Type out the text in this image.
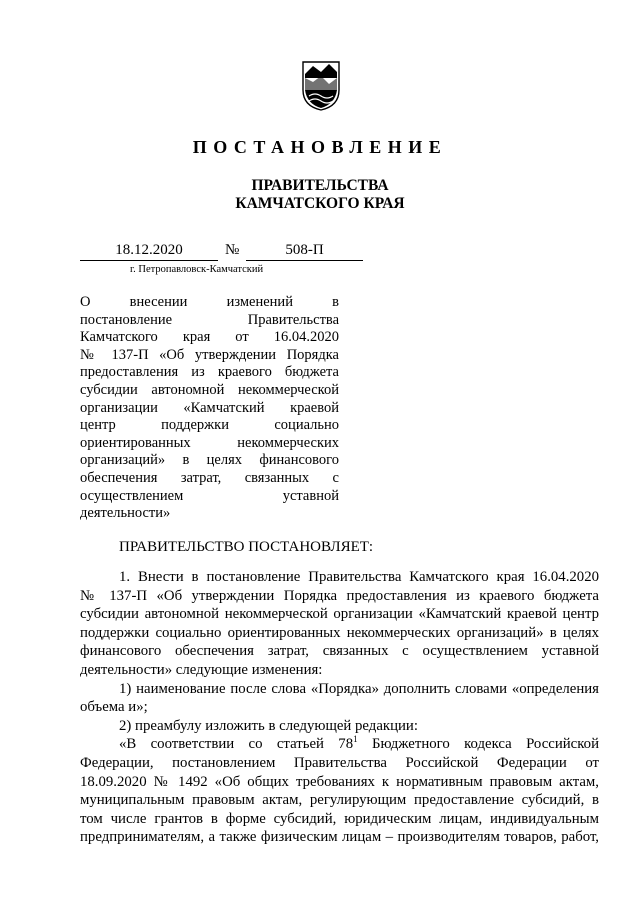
ПОСТАНОВЛЕНИЕ
ПРАВИТЕЛЬСТВА
КАМЧАТСКОГО КРАЯ
18.12.2020	№	508-П
г. Петропавловск-Камчатский
О внесении изменений в
постановление Правительства
Камчатского края от 16.04.2020
№ 137-П «Об утверждении Порядка
предоставления из краевого бюджета
субсидии автономной некоммерческой
организации «Камчатский краевой
центр поддержки социально
ориентированных некоммерческих
организаций» в целях финансового
обеспечения затрат, связанных с
осуществлением уставной
деятельности»
ПРАВИТЕЛЬСТВО ПОСТАНОВЛЯЕТ:
1. Внести в постановление Правительства Камчатского края 16.04.2020
№ 137-П «Об утверждении Порядка предоставления из краевого бюджета
субсидии автономной некоммерческой организации «Камчатский краевой центр
поддержки социально ориентированных некоммерческих организаций» в целях
финансового обеспечения затрат, связанных с осуществлением уставной
деятельности» следующие изменения:
1) наименование после слова «Порядка» дополнить словами «определения
объема и»;
2) преамбулу изложить в следующей редакции:
«В соответствии со статьей $78^1$ Бюджетного кодекса Российской
Федерации, постановлением Правительства Российской Федерации от
18.09.2020 № 1492 «Об общих требованиях к нормативным правовым актам,
муниципальным правовым актам, регулирующим предоставление субсидий, в
том числе грантов в форме субсидий, юридическим лицам, индивидуальным
предпринимателям, а также физическим лицам – производителям товаров, работ,
